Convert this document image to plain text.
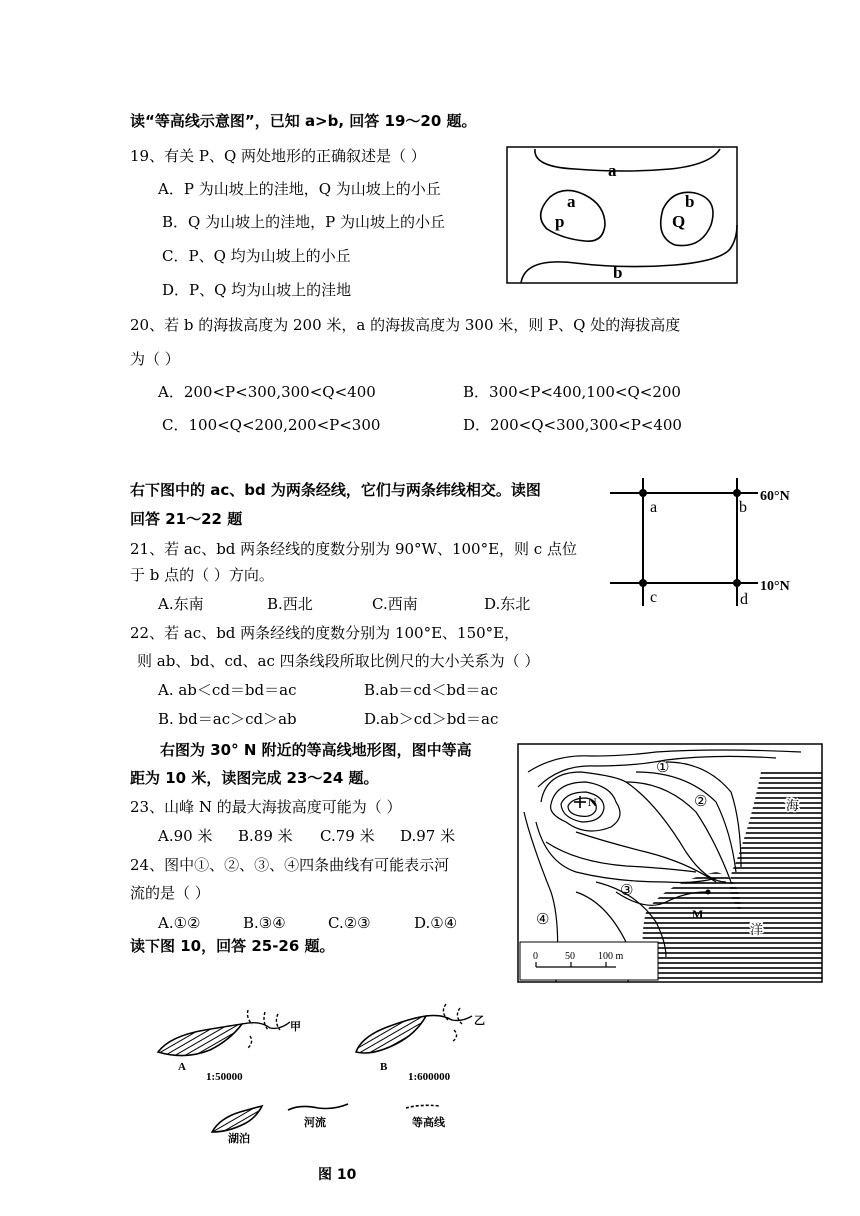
读“等高线示意图”，已知 a>b, 回答 19～20 题。
19、有关 P、Q 两处地形的正确叙述是（ ）
A．P 为山坡上的洼地，Q 为山坡上的小丘
B．Q 为山坡上的洼地，P 为山坡上的小丘
C．P、Q 均为山坡上的小丘
D．P、Q 均为山坡上的洼地
20、若 b 的海拔高度为 200 米，a 的海拔高度为 300 米，则 P、Q 处的海拔高度
为（ ）
A．200<P<300,300<Q<400	B．300<P<400,100<Q<200
C．100<Q<200,200<P<300	D．200<Q<300,300<P<400
a
a
p
b
Q
b
右下图中的 ac、bd 为两条经线，它们与两条纬线相交。读图
回答 21～22 题
21、若 ac、bd 两条经线的度数分别为 90°W、100°E，则 c 点位
于 b 点的（ ）方向。
A.东南	B.西北	C.西南	D.东北
22、若 ac、bd 两条经线的度数分别为 100°E、150°E，
则 ab、bd、cd、ac 四条线段所取比例尺的大小关系为（ ）
A. ab＜cd＝bd＝ac	B.ab＝cd＜bd＝ac
B. bd＝ac＞cd＞ab	D.ab＞cd＞bd＝ac
a	b
c	d
60°N
10°N
右图为 30° N 附近的等高线地形图，图中等高
距为 10 米，读图完成 23～24 题。
23、山峰 N 的最大海拔高度可能为（ ）
A.90 米 B.89 米 C.79 米 D.97 米
24、图中①、②、③、④四条曲线有可能表示河
流的是（ ）
A.①②	B.③④	C.②③	D.①④
①
②
③
④
N
M
海
洋
0	50 100 m
读下图 10，回答 25-26 题。
A
甲
1:50000
B
乙
1:600000
湖泊
河流	等高线
图 10
